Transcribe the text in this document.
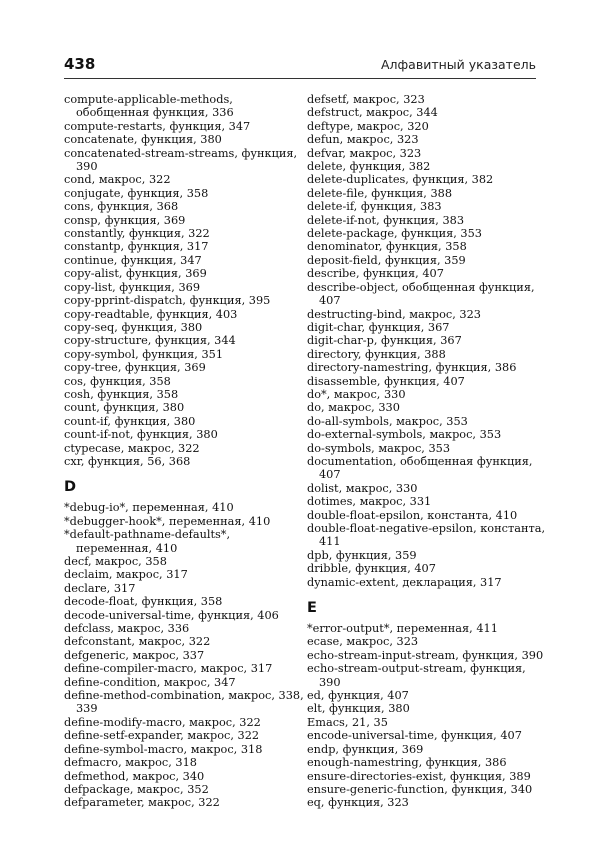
438	Алфавитный указатель
compute-applicable-methods, обобщенная функция, 336
compute-restarts, функция, 347
concatenate, функция, 380
concatenated-stream-streams, функция, 390
cond, макрос, 322
conjugate, функция, 358
cons, функция, 368
consp, функция, 369
constantly, функция, 322
constantp, функция, 317
continue, функция, 347
copy-alist, функция, 369
copy-list, функция, 369
copy-pprint-dispatch, функция, 395
copy-readtable, функция, 403
copy-seq, функция, 380
copy-structure, функция, 344
copy-symbol, функция, 351
copy-tree, функция, 369
cos, функция, 358
cosh, функция, 358
count, функция, 380
count-if, функция, 380
count-if-not, функция, 380
ctypecase, макрос, 322
cxr, функция, 56, 368
D
*debug-io*, переменная, 410
*debugger-hook*, переменная, 410
*default-pathname-defaults*, переменная, 410
decf, макрос, 358
declaim, макрос, 317
declare, 317
decode-float, функция, 358
decode-universal-time, функция, 406
defclass, макрос, 336
defconstant, макрос, 322
defgeneric, макрос, 337
define-compiler-macro, макрос, 317
define-condition, макрос, 347
define-method-combination, макрос, 338, 339
define-modify-macro, макрос, 322
define-setf-expander, макрос, 322
define-symbol-macro, макрос, 318
defmacro, макрос, 318
defmethod, макрос, 340
defpackage, макрос, 352
defparameter, макрос, 322
defsetf, макрос, 323
defstruct, макрос, 344
deftype, макрос, 320
defun, макрос, 323
defvar, макрос, 323
delete, функция, 382
delete-duplicates, функция, 382
delete-file, функция, 388
delete-if, функция, 383
delete-if-not, функция, 383
delete-package, функция, 353
denominator, функция, 358
deposit-field, функция, 359
describe, функция, 407
describe-object, обобщенная функция, 407
destructing-bind, макрос, 323
digit-char, функция, 367
digit-char-p, функция, 367
directory, функция, 388
directory-namestring, функция, 386
disassemble, функция, 407
do*, макрос, 330
do, макрос, 330
do-all-symbols, макрос, 353
do-external-symbols, макрос, 353
do-symbols, макрос, 353
documentation, обобщенная функция, 407
dolist, макрос, 330
dotimes, макрос, 331
double-float-epsilon, константа, 410
double-float-negative-epsilon, константа, 411
dpb, функция, 359
dribble, функция, 407
dynamic-extent, декларация, 317
E
*error-output*, переменная, 411
ecase, макрос, 323
echo-stream-input-stream, функция, 390
echo-stream-output-stream, функция, 390
ed, функция, 407
elt, функция, 380
Emacs, 21, 35
encode-universal-time, функция, 407
endp, функция, 369
enough-namestring, функция, 386
ensure-directories-exist, функция, 389
ensure-generic-function, функция, 340
eq, функция, 323
